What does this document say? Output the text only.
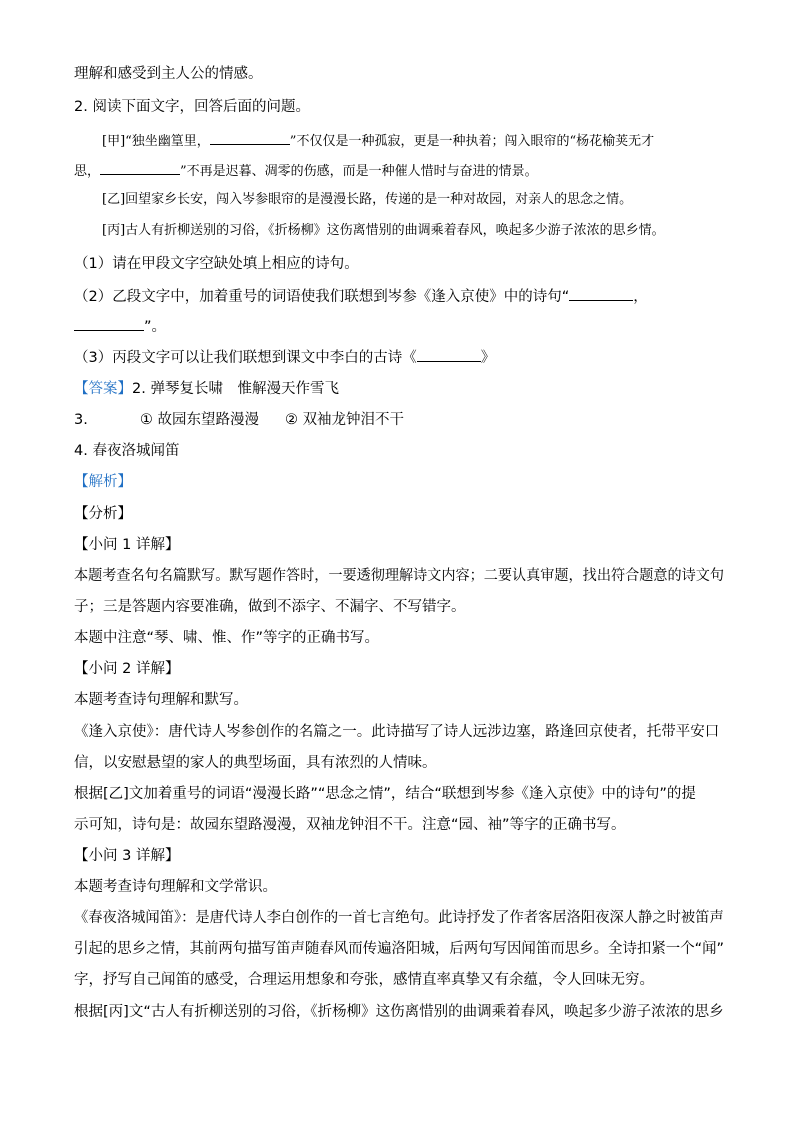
理解和感受到主人公的情感。
2. 阅读下面文字，回答后面的问题。
[甲]“独坐幽篁里，	”不仅仅是一种孤寂，更是一种执着；闯入眼帘的“杨花榆荚无才
思，	”不再是迟暮、凋零的伤感，而是一种催人惜时与奋进的情景。
[乙]回望家乡长安，闯入岑参眼帘的是漫漫长路，传递的是一种对故园，对亲人的思念之情。
[丙]古人有折柳送别的习俗，《折杨柳》这伤离惜别的曲调乘着春风，唤起多少游子浓浓的思乡情。
（1）请在甲段文字空缺处填上相应的诗句。
（2）乙段文字中，加着重号的词语使我们联想到岑参《逢入京使》中的诗句“	，
”。
（3）丙段文字可以让我们联想到课文中李白的古诗《	》
【答案】2. 弹琴复长啸　惟解漫天作雪飞
3.	① 故园东望路漫漫 ② 双袖龙钟泪不干
4. 春夜洛城闻笛
【解析】
【分析】
【小问 1 详解】
本题考查名句名篇默写。默写题作答时，一要透彻理解诗文内容；二要认真审题，找出符合题意的诗文句
子；三是答题内容要准确，做到不添字、不漏字、不写错字。
本题中注意“琴、啸、惟、作”等字的正确书写。
【小问 2 详解】
本题考查诗句理解和默写。
《逢入京使》：唐代诗人岑参创作的名篇之一。此诗描写了诗人远涉边塞，路逢回京使者，托带平安口
信，以安慰悬望的家人的典型场面，具有浓烈的人情味。
根据[乙]文加着重号的词语“漫漫长路”“思念之情”，结合“联想到岑参《逢入京使》中的诗句”的提
示可知，诗句是：故园东望路漫漫，双袖龙钟泪不干。注意“园、袖”等字的正确书写。
【小问 3 详解】
本题考查诗句理解和文学常识。
《春夜洛城闻笛》：是唐代诗人李白创作的一首七言绝句。此诗抒发了作者客居洛阳夜深人静之时被笛声
引起的思乡之情，其前两句描写笛声随春风而传遍洛阳城，后两句写因闻笛而思乡。全诗扣紧一个“闻”
字，抒写自己闻笛的感受，合理运用想象和夸张，感情直率真挚又有余蕴，令人回味无穷。
根据[丙]文“古人有折柳送别的习俗，《折杨柳》这伤离惜别的曲调乘着春风，唤起多少游子浓浓的思乡
